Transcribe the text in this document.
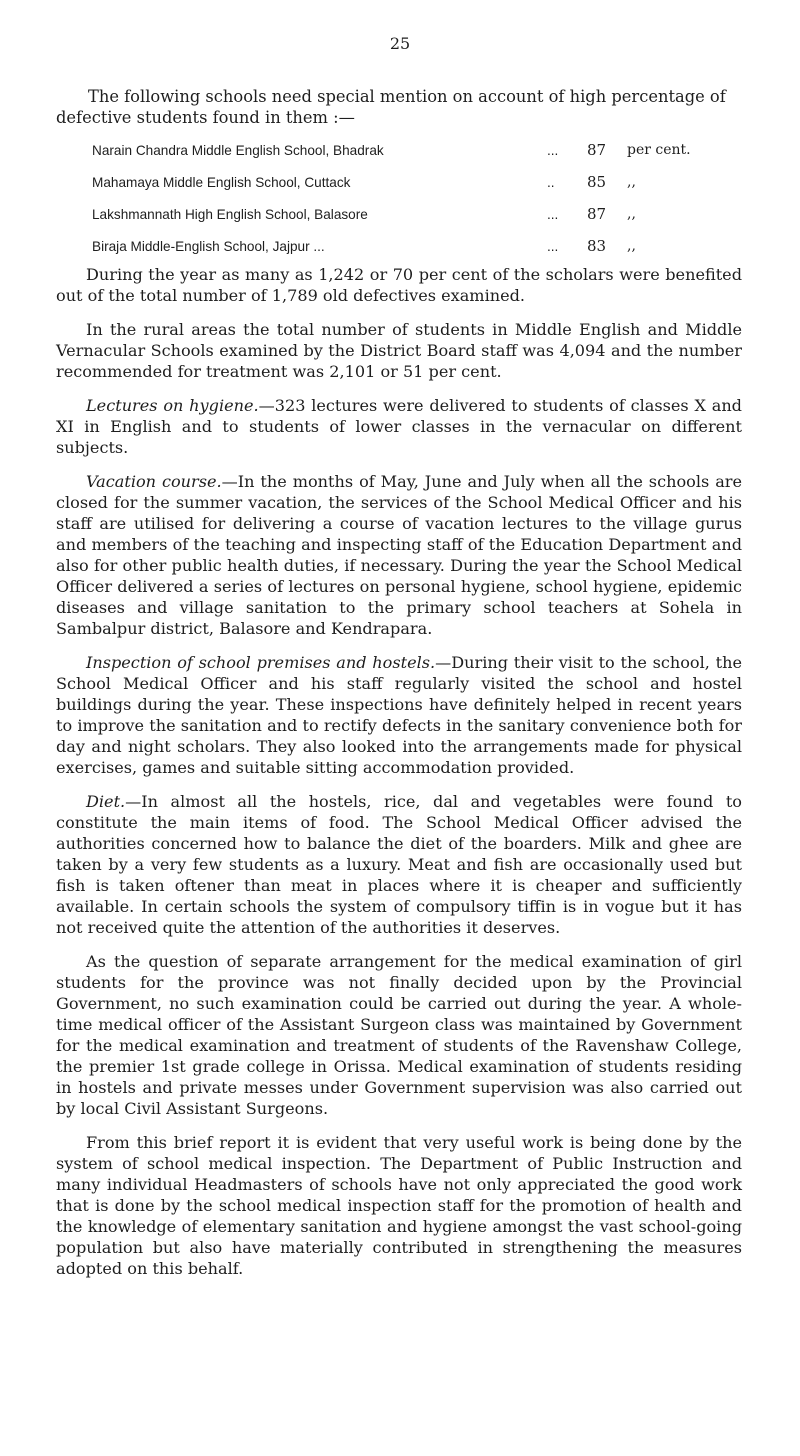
25

The following schools need special mention on account of high percentage of defective students found in them :—

Narain Chandra Middle English School, Bhadrak	...	87	per cent.
Mahamaya Middle English School, Cuttack	..	85	,,
Lakshmannath High English School, Balasore	...	87	,,
Biraja Middle-English School, Jajpur ...	...	83	,,

During the year as many as 1,242 or 70 per cent of the scholars were benefited out of the total number of 1,789 old defectives examined.

In the rural areas the total number of students in Middle English and Middle Vernacular Schools examined by the District Board staff was 4,094 and the number recommended for treatment was 2,101 or 51 per cent.

Lectures on hygiene.—323 lectures were delivered to students of classes X and XI in English and to students of lower classes in the vernacular on different subjects.

Vacation course.—In the months of May, June and July when all the schools are closed for the summer vacation, the services of the School Medical Officer and his staff are utilised for delivering a course of vacation lectures to the village gurus and members of the teaching and inspecting staff of the Education Department and also for other public health duties, if necessary. During the year the School Medical Officer delivered a series of lectures on personal hygiene, school hygiene, epidemic diseases and village sanitation to the primary school teachers at Sohela in Sambalpur district, Balasore and Kendrapara.

Inspection of school premises and hostels.—During their visit to the school, the School Medical Officer and his staff regularly visited the school and hostel buildings during the year. These inspections have definitely helped in recent years to improve the sanitation and to rectify defects in the sanitary convenience both for day and night scholars. They also looked into the arrangements made for physical exercises, games and suitable sitting accommodation provided.

Diet.—In almost all the hostels, rice, dal and vegetables were found to constitute the main items of food. The School Medical Officer advised the authorities concerned how to balance the diet of the boarders. Milk and ghee are taken by a very few students as a luxury. Meat and fish are occasionally used but fish is taken oftener than meat in places where it is cheaper and sufficiently available. In certain schools the system of compulsory tiffin is in vogue but it has not received quite the attention of the authorities it deserves.

As the question of separate arrangement for the medical examination of girl students for the province was not finally decided upon by the Provincial Government, no such examination could be carried out during the year. A whole-time medical officer of the Assistant Surgeon class was maintained by Government for the medical examination and treatment of students of the Ravenshaw College, the premier 1st grade college in Orissa. Medical examination of students residing in hostels and private messes under Government supervision was also carried out by local Civil Assistant Surgeons.

From this brief report it is evident that very useful work is being done by the system of school medical inspection. The Department of Public Instruction and many individual Headmasters of schools have not only appreciated the good work that is done by the school medical inspection staff for the promotion of health and the knowledge of elementary sanitation and hygiene amongst the vast school-going population but also have materially contributed in strengthening the measures adopted on this behalf.
